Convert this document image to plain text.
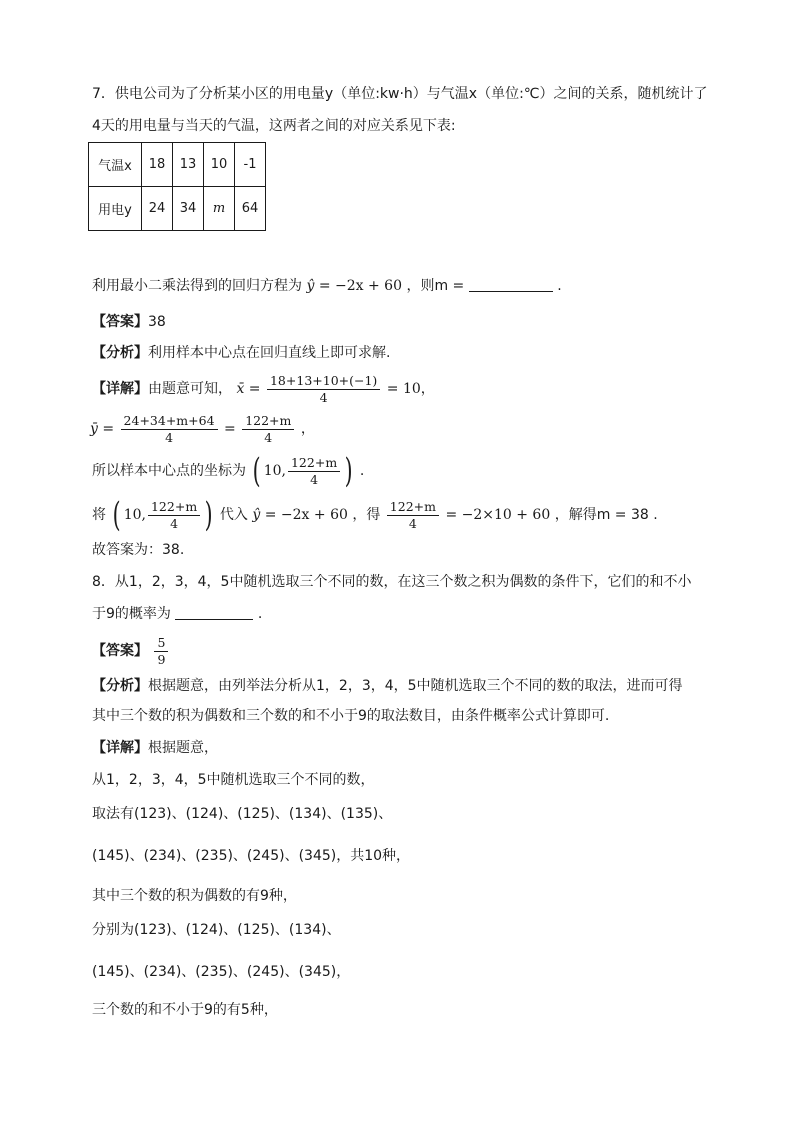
7．供电公司为了分析某小区的用电量y（单位:kw·h）与气温x（单位:℃）之间的关系，随机统计了
4天的用电量与当天的气温，这两者之间的对应关系见下表:
气温x	18	13	10	-1
用电y	24	34	m	64
利用最小二乘法得到的回归方程为 ŷ = −2x + 60 ，则m =	.
【答案】38
【分析】利用样本中心点在回归直线上即可求解.
【详解】由题意可知， x̄ = $\frac{18+13+10+(-1)}{4} = 10$，
ȳ = $\frac{24+34+m+64}{4} = \frac{122+m}{4}$ ，
所以样本中心点的坐标为 ( 10, $\frac{122+m}{4}$ ) .
将 ( 10, $\frac{122+m}{4}$ ) 代入 ŷ = −2x + 60 ，得 $\frac{122+m}{4} = -2\times 10 + 60$ ，解得m = 38 .
故答案为：38.
8．从1，2，3，4，5中随机选取三个不同的数，在这三个数之积为偶数的条件下，它们的和不小
于9的概率为	.
【答案】 $\frac{5}{9}$
【分析】根据题意，由列举法分析从1，2，3，4，5中随机选取三个不同的数的取法，进而可得
其中三个数的积为偶数和三个数的和不小于9的取法数目，由条件概率公式计算即可.
【详解】根据题意，
从1，2，3，4，5中随机选取三个不同的数，
取法有(123)、(124)、(125)、(134)、(135)、
(145)、(234)、(235)、(245)、(345)，共10种，
其中三个数的积为偶数的有9种，
分别为(123)、(124)、(125)、(134)、
(145)、(234)、(235)、(245)、(345)，
三个数的和不小于9的有5种，
